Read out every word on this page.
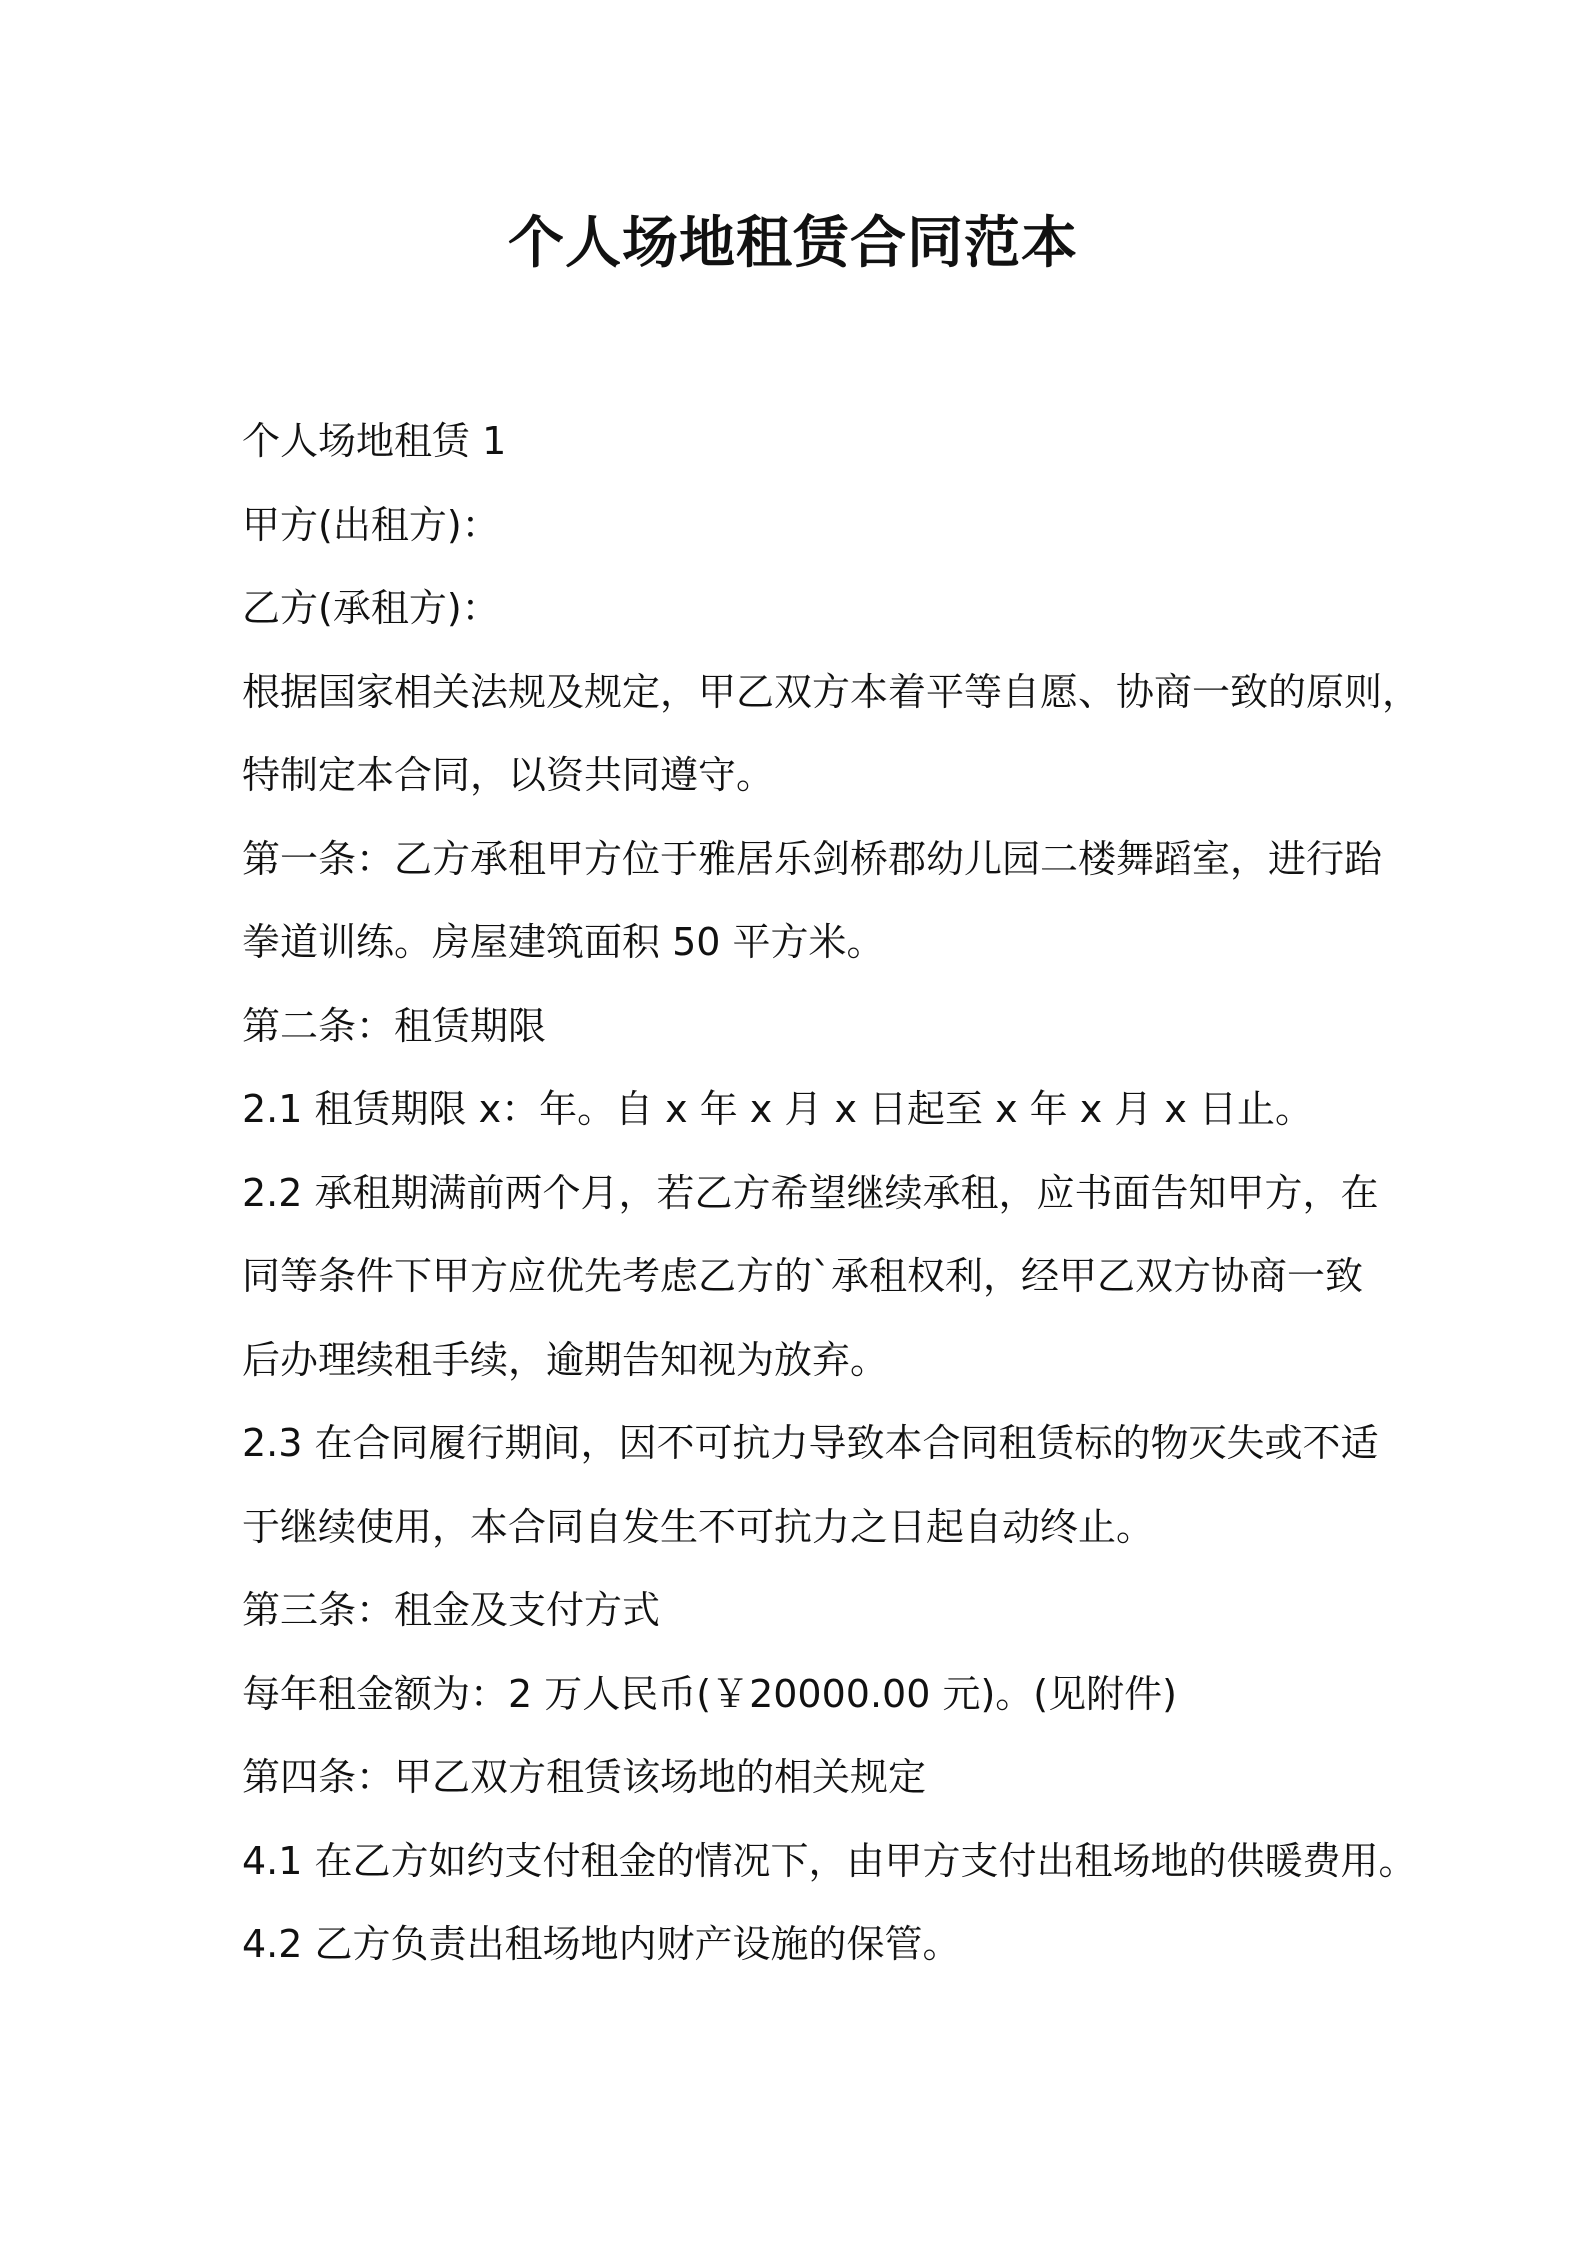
个人场地租赁合同范本

个人场地租赁 1

甲方(出租方)：

乙方(承租方)：

根据国家相关法规及规定，甲乙双方本着平等自愿、协商一致的原则，

特制定本合同，以资共同遵守。

第一条：乙方承租甲方位于雅居乐剑桥郡幼儿园二楼舞蹈室，进行跆

拳道训练。房屋建筑面积 50 平方米。

第二条：租赁期限

2.1 租赁期限 x：年。自 x 年 x 月 x 日起至 x 年 x 月 x 日止。

2.2 承租期满前两个月，若乙方希望继续承租，应书面告知甲方，在

同等条件下甲方应优先考虑乙方的`承租权利，经甲乙双方协商一致

后办理续租手续，逾期告知视为放弃。

2.3 在合同履行期间，因不可抗力导致本合同租赁标的物灭失或不适

于继续使用，本合同自发生不可抗力之日起自动终止。

第三条：租金及支付方式

每年租金额为：2 万人民币(￥20000.00 元)。(见附件)

第四条：甲乙双方租赁该场地的相关规定

4.1 在乙方如约支付租金的情况下，由甲方支付出租场地的供暖费用。

4.2 乙方负责出租场地内财产设施的保管。
